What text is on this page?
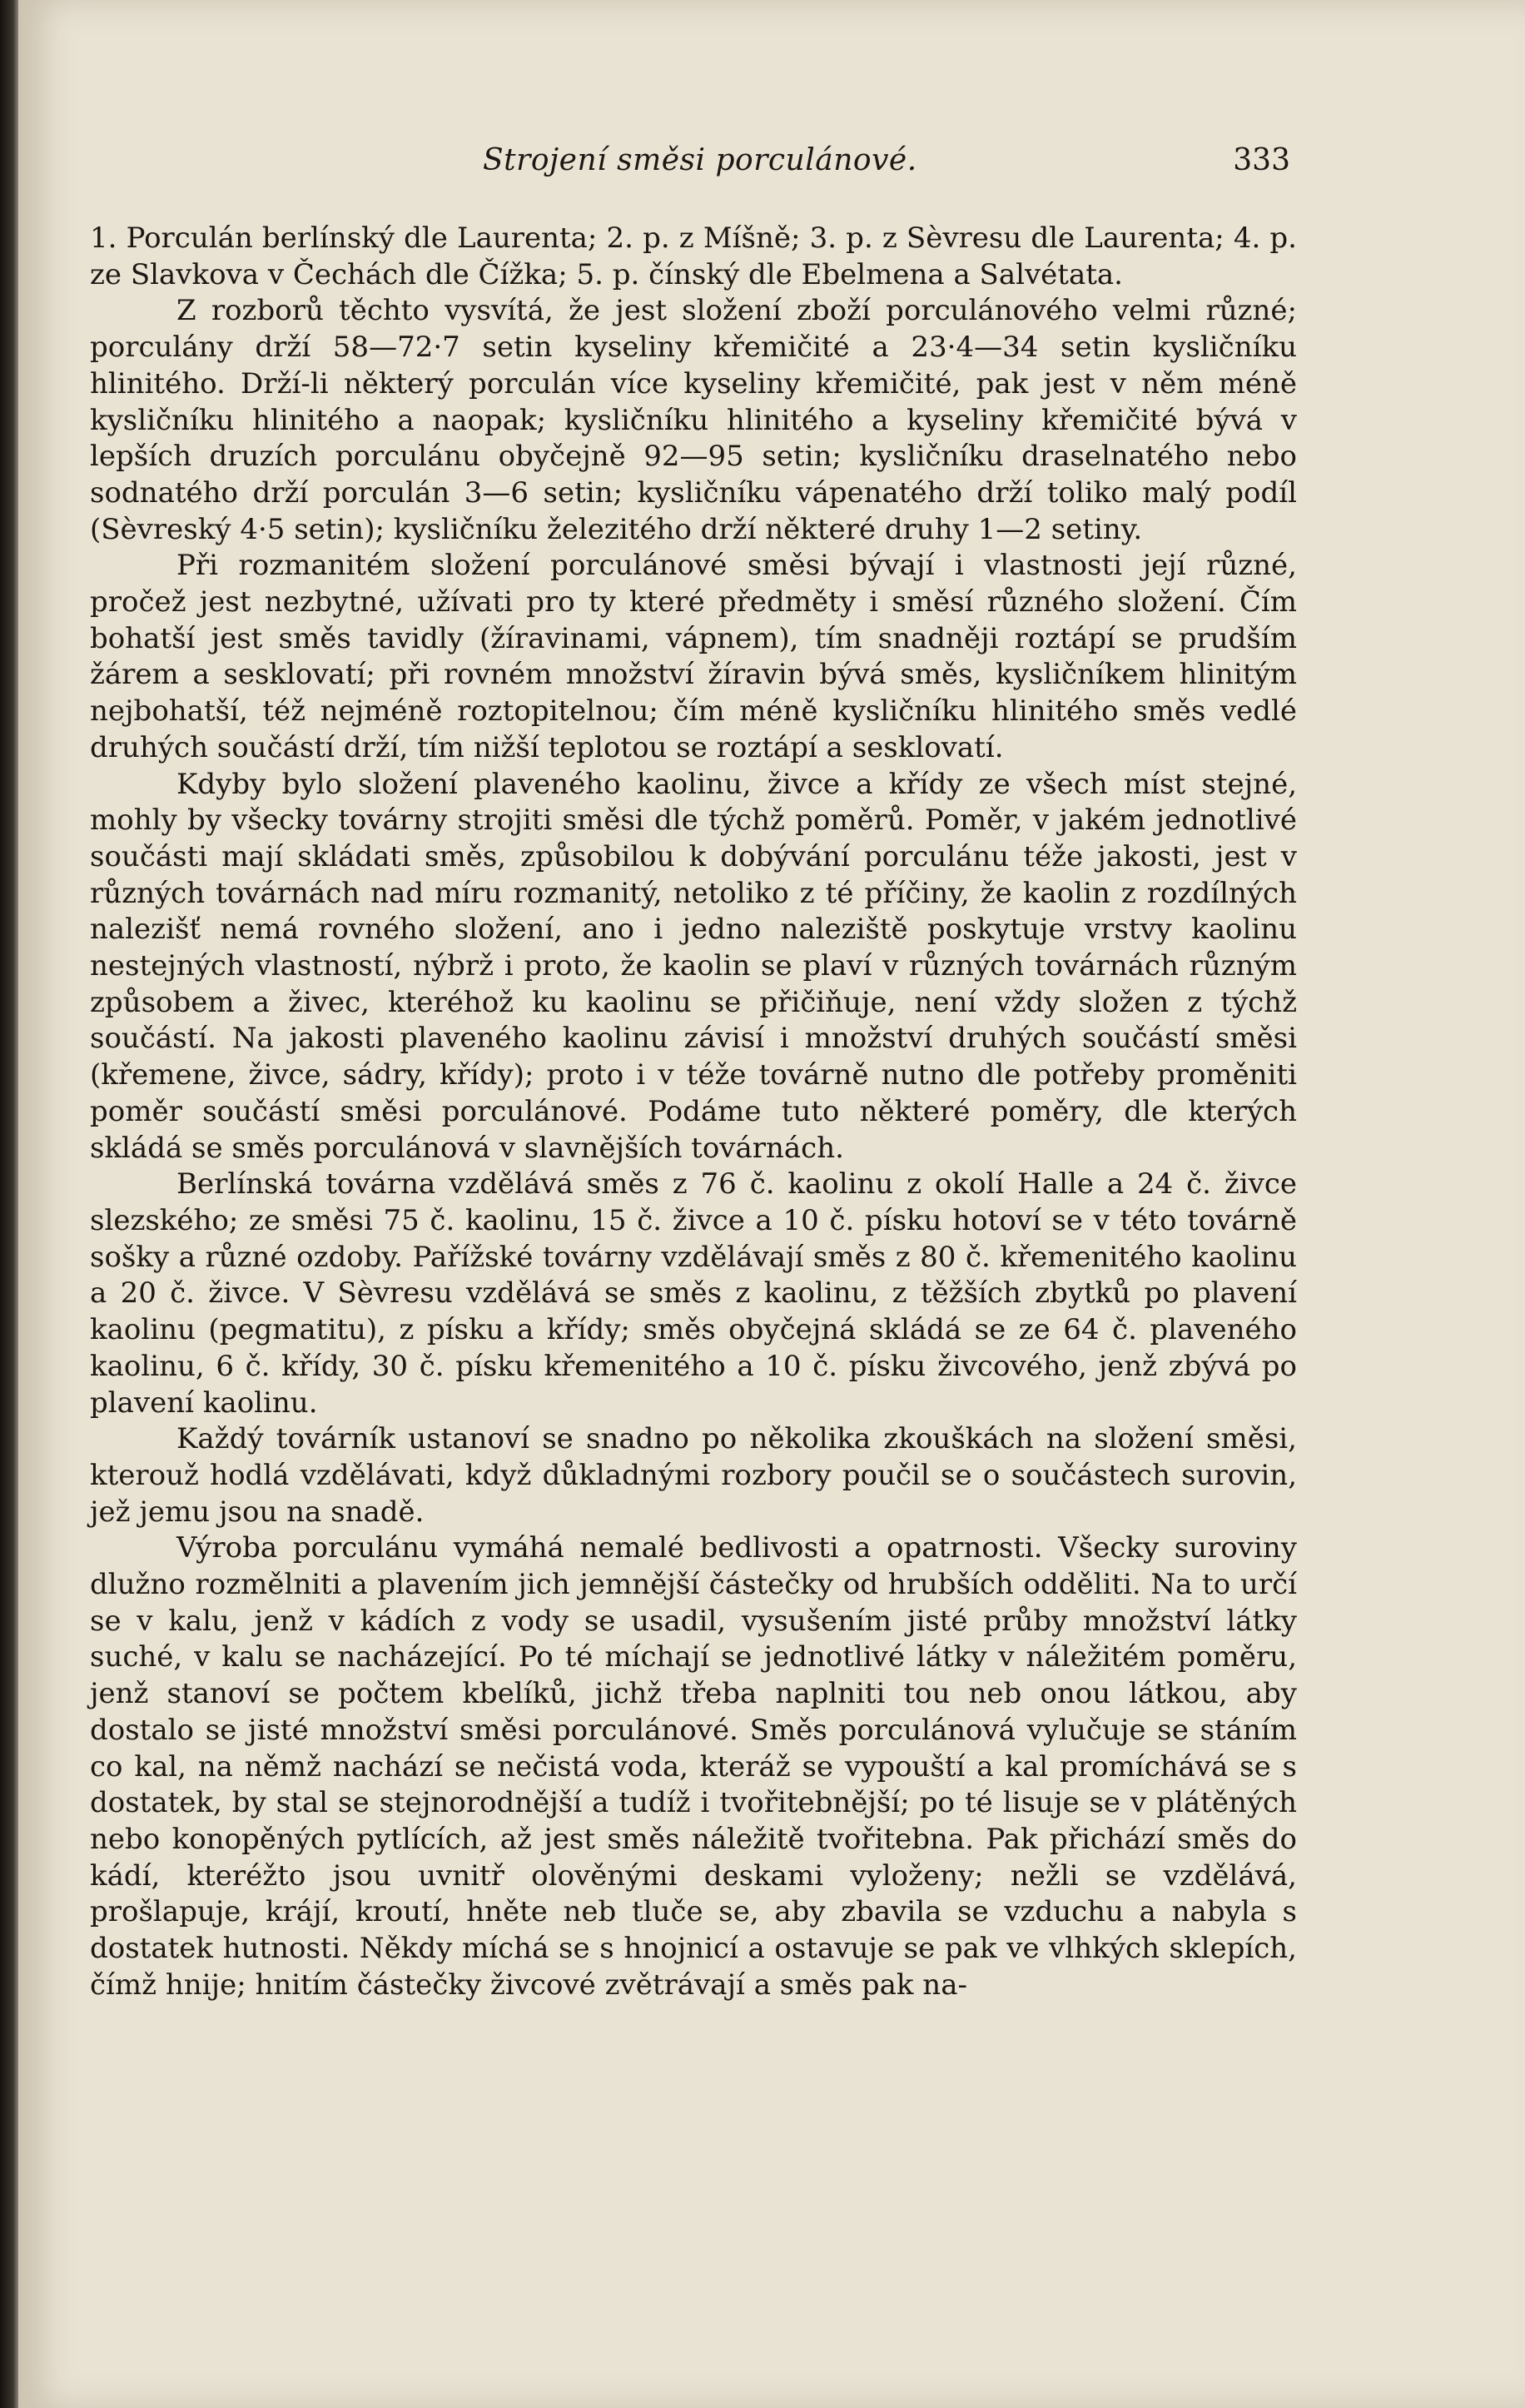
Strojení směsi porculánové.	333

1. Porculán berlínský dle Laurenta; 2. p. z Míšně; 3. p. z Sèvresu dle Laurenta; 4. p. ze Slavkova v Čechách dle Čížka; 5. p. čínský dle Ebelmena a Salvétata.

Z rozborů těchto vysvítá, že jest složení zboží porculánového velmi různé; porculány drží 58—72·7 setin kyseliny křemičité a 23·4—34 setin kysličníku hlinitého. Drží-li některý porculán více kyseliny křemičité, pak jest v něm méně kysličníku hlinitého a naopak; kysličníku hlinitého a kyseliny křemičité bývá v lepších druzích porculánu obyčejně 92—95 setin; kysličníku draselnatého nebo sodnatého drží porculán 3—6 setin; kysličníku vápenatého drží toliko malý podíl (Sèvreský 4·5 setin); kysličníku železitého drží některé druhy 1—2 setiny.

Při rozmanitém složení porculánové směsi bývají i vlastnosti její různé, pročež jest nezbytné, užívati pro ty které předměty i směsí různého složení. Čím bohatší jest směs tavidly (žíravinami, vápnem), tím snadněji roztápí se prudším žárem a sesklovatí; při rovném množství žíravin bývá směs, kysličníkem hlinitým nejbohatší, též nejméně roztopitelnou; čím méně kysličníku hlinitého směs vedlé druhých součástí drží, tím nižší teplotou se roztápí a sesklovatí.

Kdyby bylo složení plaveného kaolinu, živce a křídy ze všech míst stejné, mohly by všecky továrny strojiti směsi dle týchž poměrů. Poměr, v jakém jednotlivé součásti mají skládati směs, způsobilou k dobývání porculánu téže jakosti, jest v různých továrnách nad míru rozmanitý, netoliko z té příčiny, že kaolin z rozdílných nalezišť nemá rovného složení, ano i jedno naleziště poskytuje vrstvy kaolinu nestejných vlastností, nýbrž i proto, že kaolin se plaví v různých továrnách různým způsobem a živec, kteréhož ku kaolinu se přičiňuje, není vždy složen z týchž součástí. Na jakosti plaveného kaolinu závisí i množství druhých součástí směsi (křemene, živce, sádry, křídy); proto i v téže továrně nutno dle potřeby proměniti poměr součástí směsi porculánové. Podáme tuto některé poměry, dle kterých skládá se směs porculánová v slavnějších továrnách.

Berlínská továrna vzdělává směs z 76 č. kaolinu z okolí Halle a 24 č. živce slezského; ze směsi 75 č. kaolinu, 15 č. živce a 10 č. písku hotoví se v této továrně sošky a různé ozdoby. Pařížské továrny vzdělávají směs z 80 č. křemenitého kaolinu a 20 č. živce. V Sèvresu vzdělává se směs z kaolinu, z těžších zbytků po plavení kaolinu (pegmatitu), z písku a křídy; směs obyčejná skládá se ze 64 č. plaveného kaolinu, 6 č. křídy, 30 č. písku křemenitého a 10 č. písku živcového, jenž zbývá po plavení kaolinu.

Každý továrník ustanoví se snadno po několika zkouškách na složení směsi, kterouž hodlá vzdělávati, když důkladnými rozbory poučil se o součástech surovin, jež jemu jsou na snadě.

Výroba porculánu vymáhá nemalé bedlivosti a opatrnosti. Všecky suroviny dlužno rozmělniti a plavením jich jemnější částečky od hrubších odděliti. Na to určí se v kalu, jenž v kádích z vody se usadil, vysušením jisté průby množství látky suché, v kalu se nacházející. Po té míchají se jednotlivé látky v náležitém poměru, jenž stanoví se počtem kbelíků, jichž třeba naplniti tou neb onou látkou, aby dostalo se jisté množství směsi porculánové. Směs porculánová vylučuje se stáním co kal, na němž nachází se nečistá voda, kteráž se vypouští a kal promíchává se s dostatek, by stal se stejnorodnější a tudíž i tvořitebnější; po té lisuje se v plátěných nebo konopěných pytlících, až jest směs náležitě tvořitebna. Pak přichází směs do kádí, kteréžto jsou uvnitř olověnými deskami vyloženy; nežli se vzdělává, prošlapuje, krájí, kroutí, hněte neb tluče se, aby zbavila se vzduchu a nabyla s dostatek hutnosti. Někdy míchá se s hnojnicí a ostavuje se pak ve vlhkých sklepích, čímž hnije; hnitím částečky živcové zvětrávají a směs pak na-
